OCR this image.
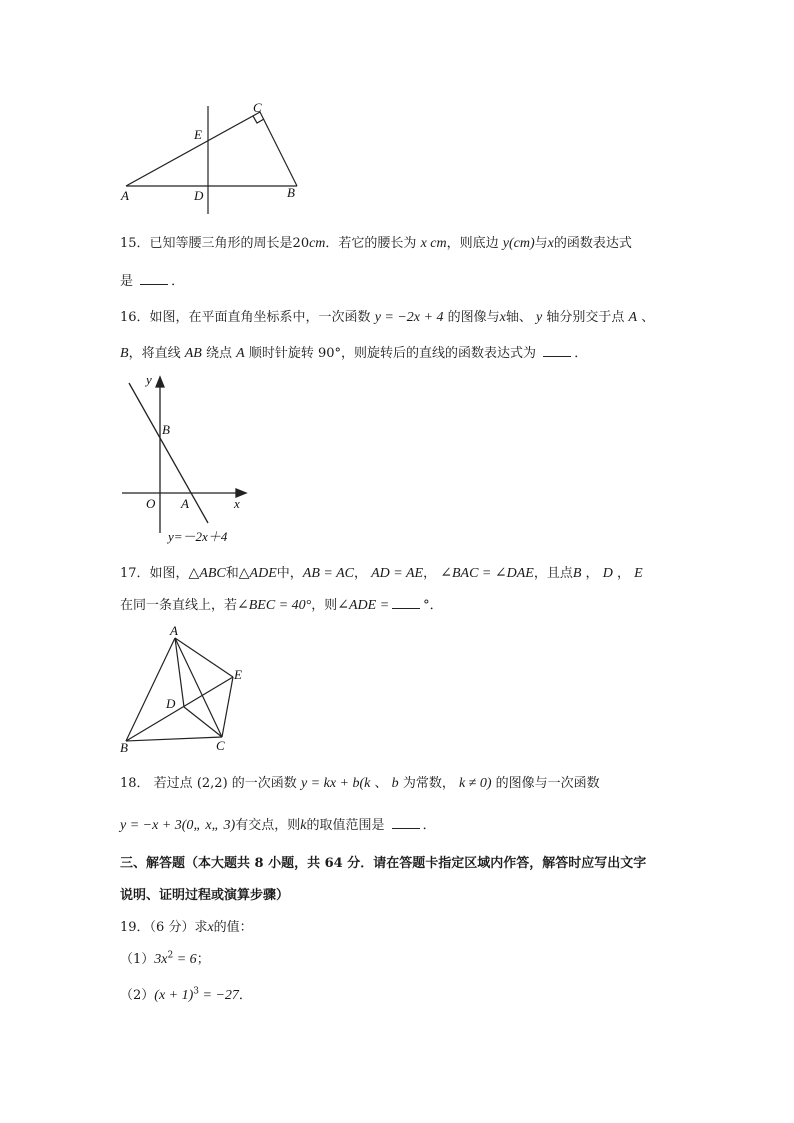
C
E
A	D	B
15．已知等腰三角形的周长是20cm．若它的腰长为 x cm，则底边 y(cm)与x的函数表达式
是	．
16．如图，在平面直角坐标系中，一次函数 y = −2x + 4 的图像与x轴、 y 轴分别交于点 A 、
B，将直线 AB 绕点 A 顺时针旋转 90°，则旋转后的直线的函数表达式为	．
y
B
O A	x
y=－2x＋4
17．如图，△ABC和△ADE中，AB = AC， AD = AE， ∠BAC = ∠DAE，且点B ， D ， E
在同一条直线上，若∠BEC = 40°，则∠ADE =	°．
A
E
D
B	C
18． 若过点 (2,2) 的一次函数 y = kx + b(k 、 b 为常数， k ≠ 0) 的图像与一次函数
y = −x + 3(0„ x„ 3)有交点，则k的取值范围是	．
三、解答题（本大题共 8 小题，共 64 分．请在答题卡指定区域内作答，解答时应写出文字
说明、证明过程或演算步骤）
19．（6 分）求x的值：
$(1)3x^2 = 6$；
$(2)(x + 1)^3 = -27$．
